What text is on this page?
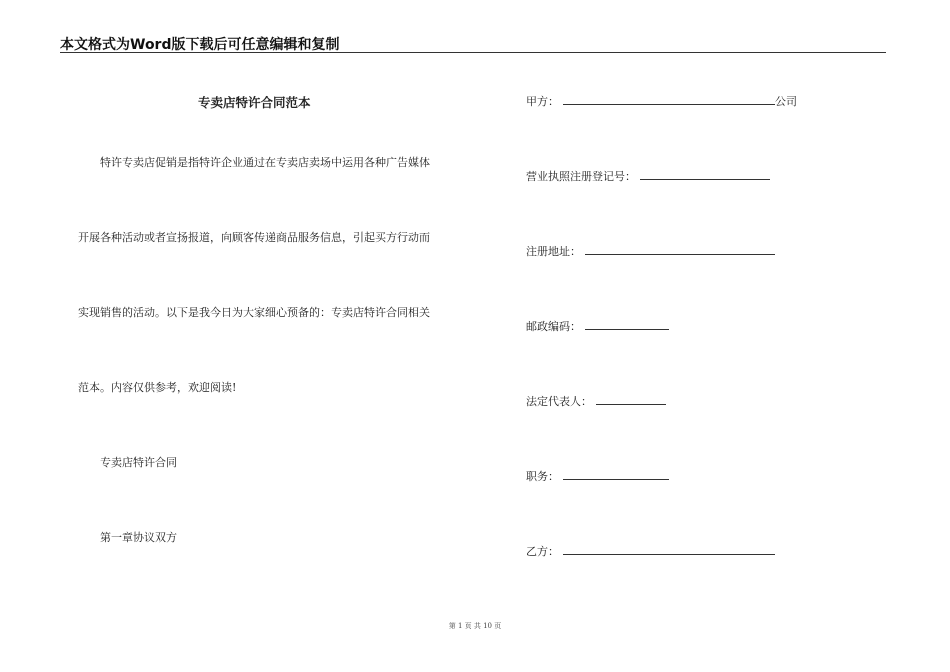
本文格式为Word版下载后可任意编辑和复制
专卖店特许合同范本
特许专卖店促销是指特许企业通过在专卖店卖场中运用各种广告媒体
开展各种活动或者宣扬报道，向顾客传递商品服务信息，引起买方行动而
实现销售的活动。以下是我今日为大家细心预备的：专卖店特许合同相关
范本。内容仅供参考，欢迎阅读!
专卖店特许合同
第一章协议双方
甲方：	公司
营业执照注册登记号：
注册地址：
邮政编码：
法定代表人：
职务：
乙方：
第 1 页 共 10 页
